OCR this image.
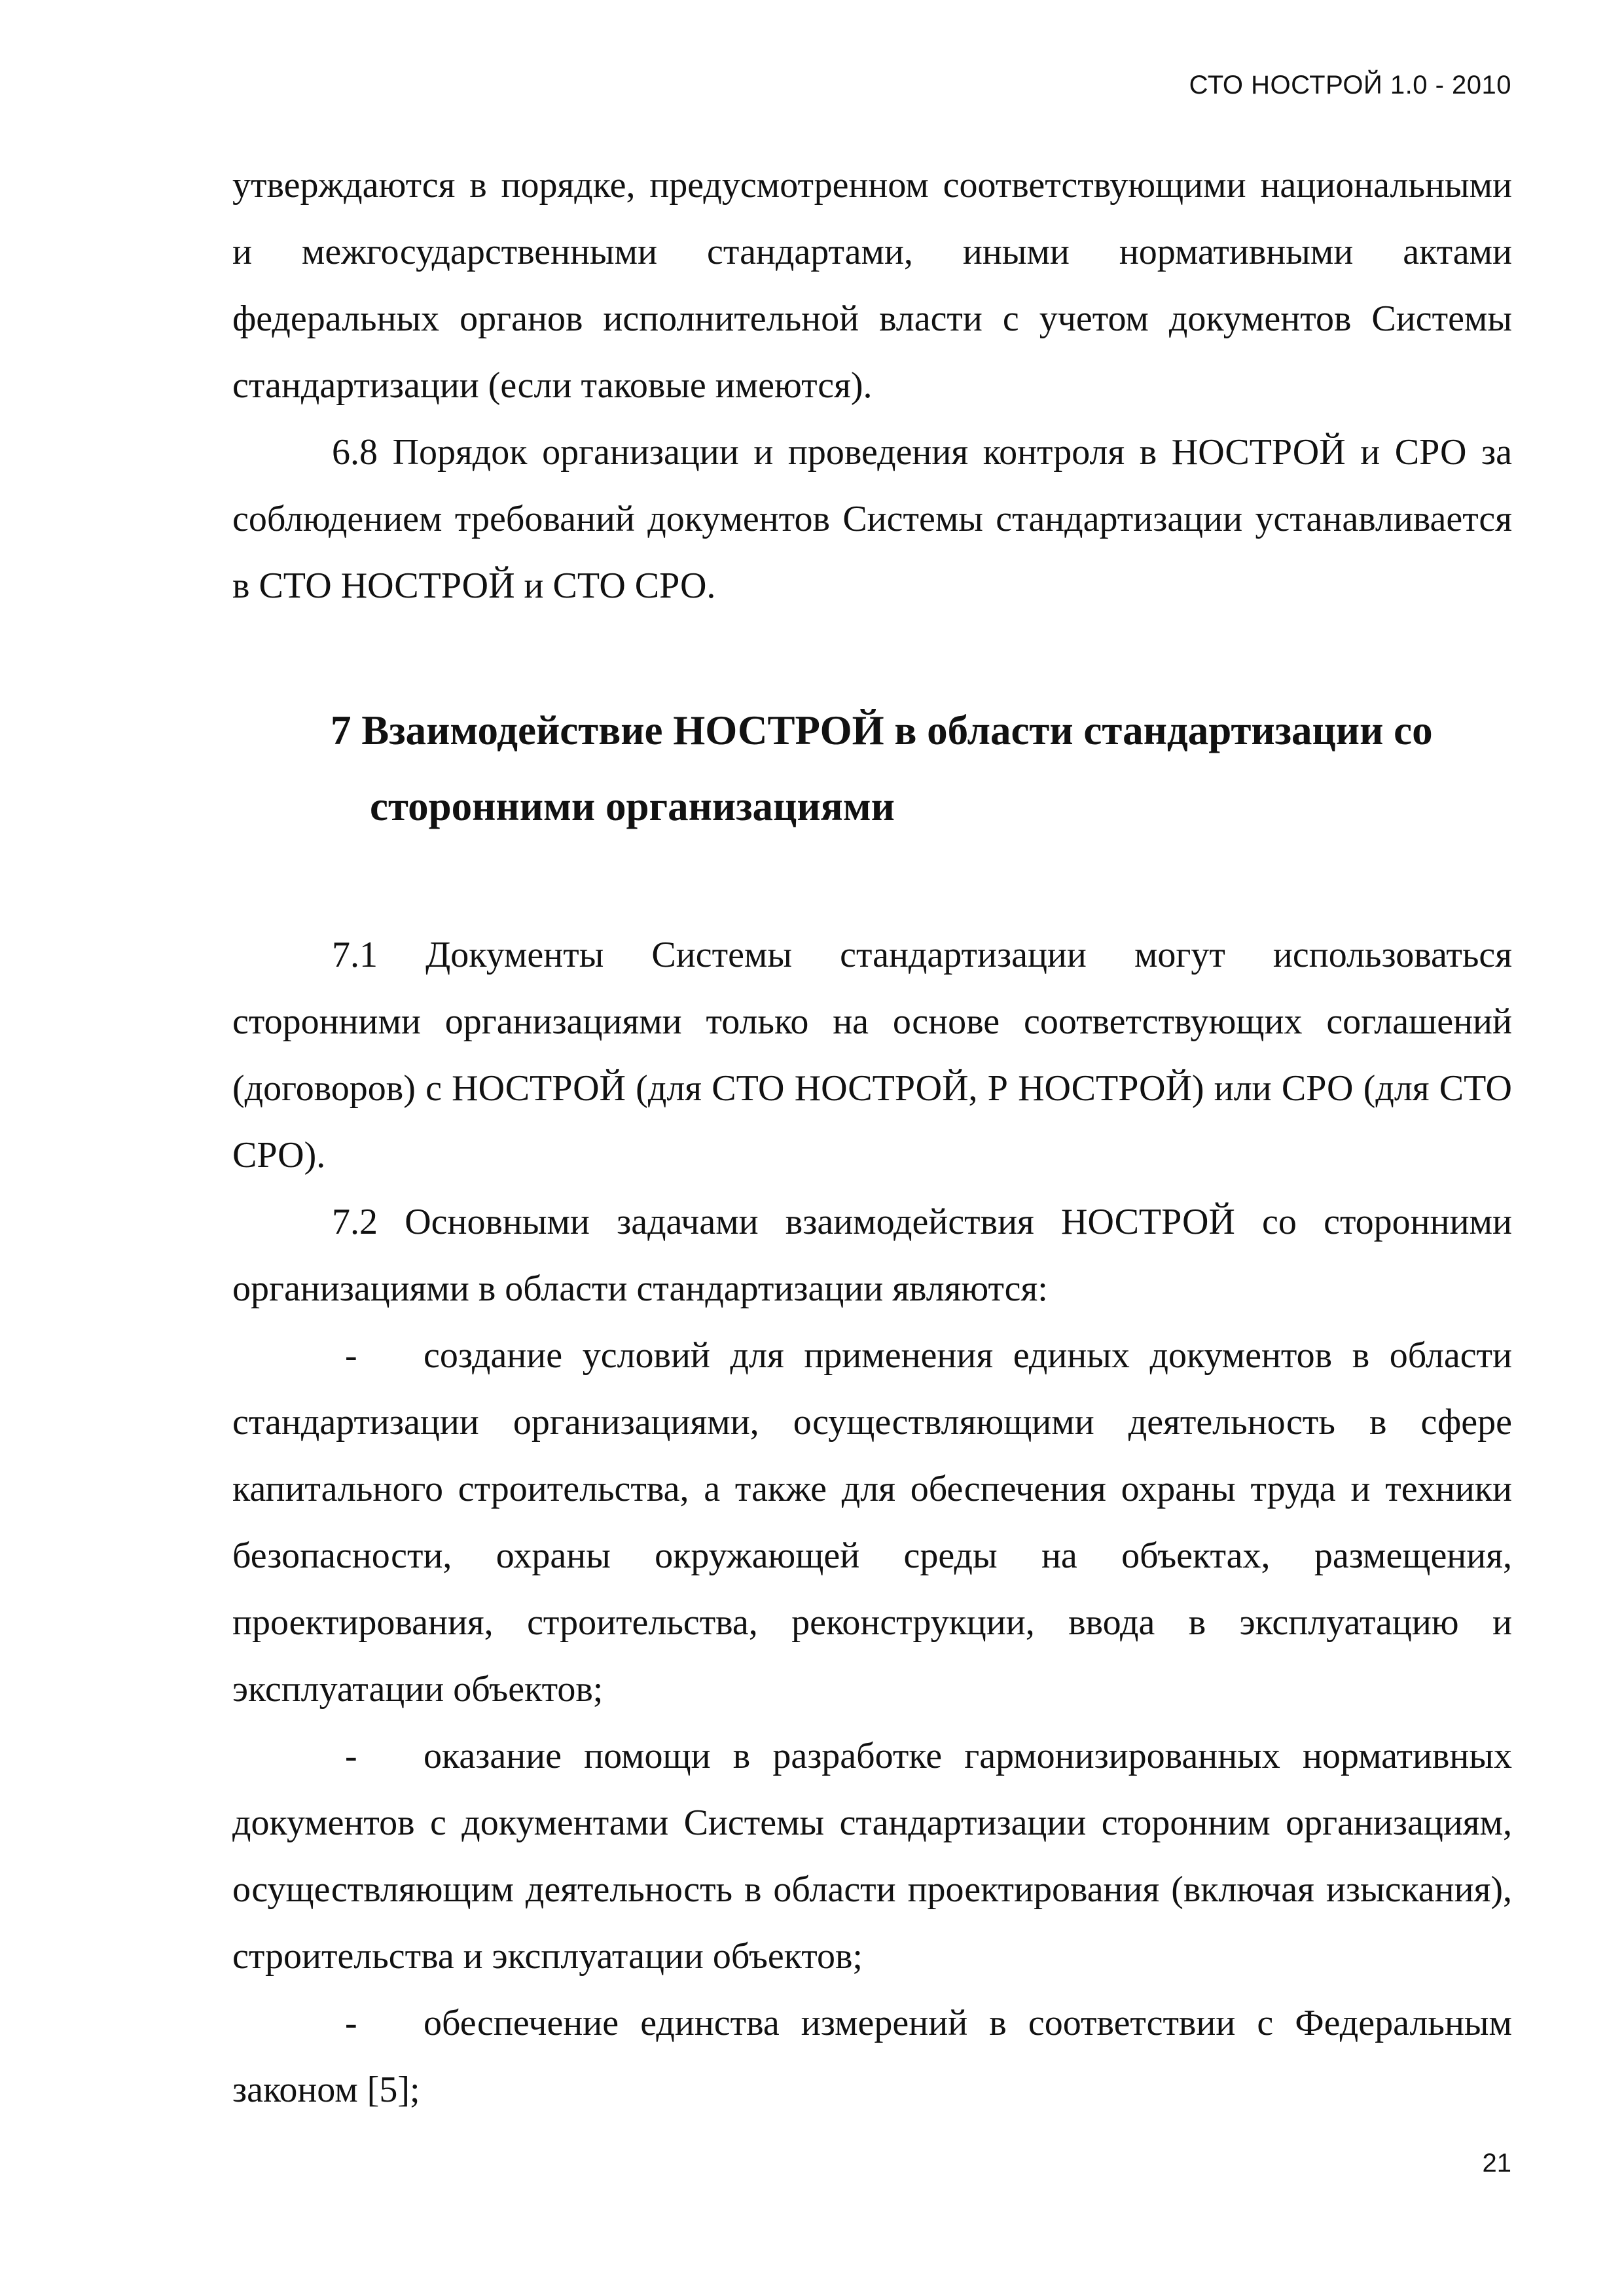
СТО НОСТРОЙ 1.0 - 2010

утверждаются в порядке, предусмотренном соответствующими национальными и межгосударственными стандартами, иными нормативными актами федеральных органов исполнительной власти с учетом документов Системы стандартизации (если таковые имеются).

6.8 Порядок организации и проведения контроля в НОСТРОЙ и СРО за соблюдением требований документов Системы стандартизации устанавливается в СТО НОСТРОЙ и СТО СРО.

7 Взаимодействие НОСТРОЙ в области стандартизации со
сторонними организациями

7.1 Документы Системы стандартизации могут использоваться сторонними организациями только на основе соответствующих соглашений (договоров) с НОСТРОЙ (для СТО НОСТРОЙ, Р НОСТРОЙ) или СРО (для СТО СРО).

7.2 Основными задачами взаимодействия НОСТРОЙ со сторонними организациями в области стандартизации являются:

- создание условий для применения единых документов в области стандартизации организациями, осуществляющими деятельность в сфере капитального строительства, а также для обеспечения охраны труда и техники безопасности, охраны окружающей среды на объектах, размещения, проектирования, строительства, реконструкции, ввода в эксплуатацию и эксплуатации объектов;

- оказание помощи в разработке гармонизированных нормативных документов с документами Системы стандартизации сторонним организациям, осуществляющим деятельность в области проектирования (включая изыскания), строительства и эксплуатации объектов;

- обеспечение единства измерений в соответствии с Федеральным законом [5];

21
